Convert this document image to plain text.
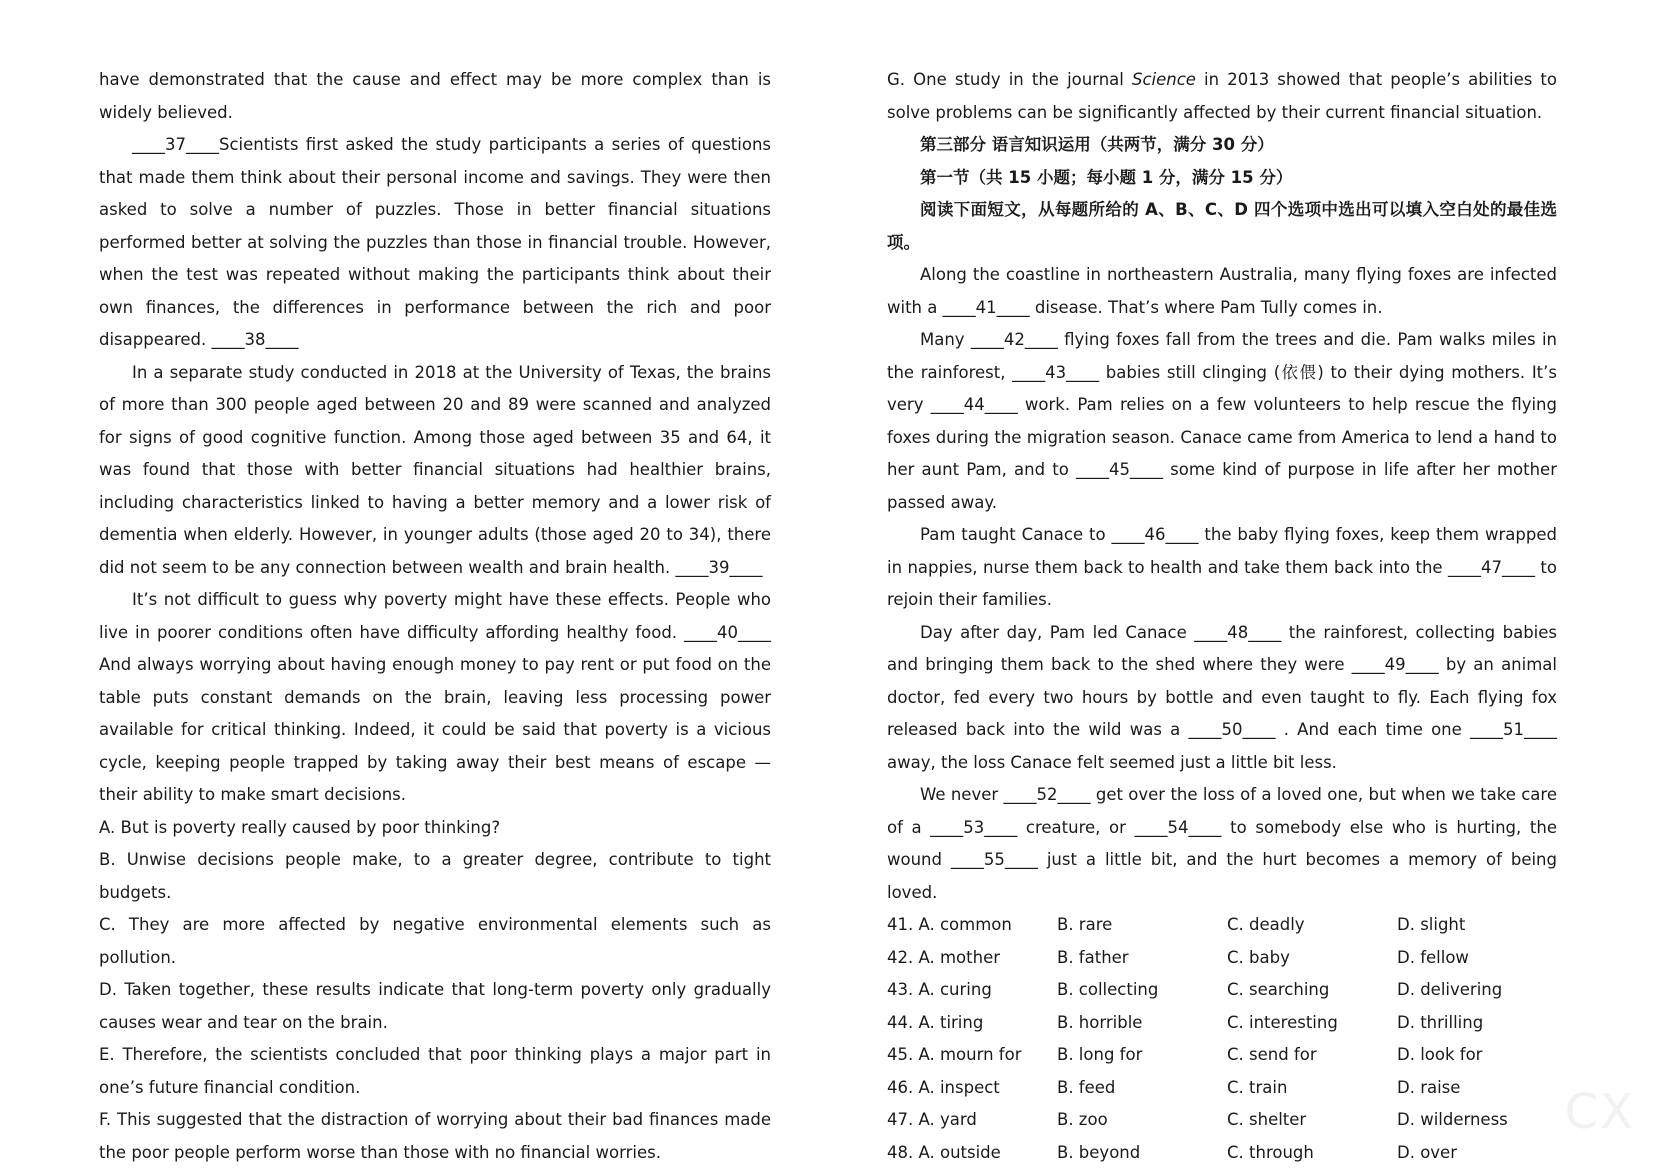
have demonstrated that the cause and effect may be more complex than is widely believed.

____37____Scientists first asked the study participants a series of questions that made them think about their personal income and savings. They were then asked to solve a number of puzzles. Those in better financial situations performed better at solving the puzzles than those in financial trouble. However, when the test was repeated without making the participants think about their own finances, the differences in performance between the rich and poor disappeared. ____38____

In a separate study conducted in 2018 at the University of Texas, the brains of more than 300 people aged between 20 and 89 were scanned and analyzed for signs of good cognitive function. Among those aged between 35 and 64, it was found that those with better financial situations had healthier brains, including characteristics linked to having a better memory and a lower risk of dementia when elderly. However, in younger adults (those aged 20 to 34), there did not seem to be any connection between wealth and brain health. ____39____

It’s not difficult to guess why poverty might have these effects. People who live in poorer conditions often have difficulty affording healthy food. ____40____ And always worrying about having enough money to pay rent or put food on the table puts constant demands on the brain, leaving less processing power available for critical thinking. Indeed, it could be said that poverty is a vicious cycle, keeping people trapped by taking away their best means of escape — their ability to make smart decisions.

A. But is poverty really caused by poor thinking?

B. Unwise decisions people make, to a greater degree, contribute to tight budgets.

C. They are more affected by negative environmental elements such as pollution.

D. Taken together, these results indicate that long-term poverty only gradually causes wear and tear on the brain.

E. Therefore, the scientists concluded that poor thinking plays a major part in one’s future financial condition.

F. This suggested that the distraction of worrying about their bad finances made the poor people perform worse than those with no financial worries.

G. One study in the journal Science in 2013 showed that people’s abilities to solve problems can be significantly affected by their current financial situation.

第三部分 语言知识运用（共两节，满分 30 分）

第一节（共 15 小题；每小题 1 分，满分 15 分）

阅读下面短文，从每题所给的 A、B、C、D 四个选项中选出可以填入空白处的最佳选项。

Along the coastline in northeastern Australia, many flying foxes are infected with a ____41____ disease. That’s where Pam Tully comes in.

Many ____42____ flying foxes fall from the trees and die. Pam walks miles in the rainforest, ____43____ babies still clinging (依偎) to their dying mothers. It’s very ____44____ work. Pam relies on a few volunteers to help rescue the flying foxes during the migration season. Canace came from America to lend a hand to her aunt Pam, and to ____45____ some kind of purpose in life after her mother passed away.

Pam taught Canace to ____46____ the baby flying foxes, keep them wrapped in nappies, nurse them back to health and take them back into the ____47____ to rejoin their families.

Day after day, Pam led Canace ____48____ the rainforest, collecting babies and bringing them back to the shed where they were ____49____ by an animal doctor, fed every two hours by bottle and even taught to fly. Each flying fox released back into the wild was a ____50____ . And each time one ____51____ away, the loss Canace felt seemed just a little bit less.

We never ____52____ get over the loss of a loved one, but when we take care of a ____53____ creature, or ____54____ to somebody else who is hurting, the wound ____55____ just a little bit, and the hurt becomes a memory of being loved.

41. A. common	B. rare	C. deadly	D. slight
42. A. mother	B. father	C. baby	D. fellow
43. A. curing	B. collecting	C. searching	D. delivering
44. A. tiring	B. horrible	C. interesting	D. thrilling
45. A. mourn for	B. long for	C. send for	D. look for
46. A. inspect	B. feed	C. train	D. raise
47. A. yard	B. zoo	C. shelter	D. wilderness
48. A. outside	B. beyond	C. through	D. over
CX
